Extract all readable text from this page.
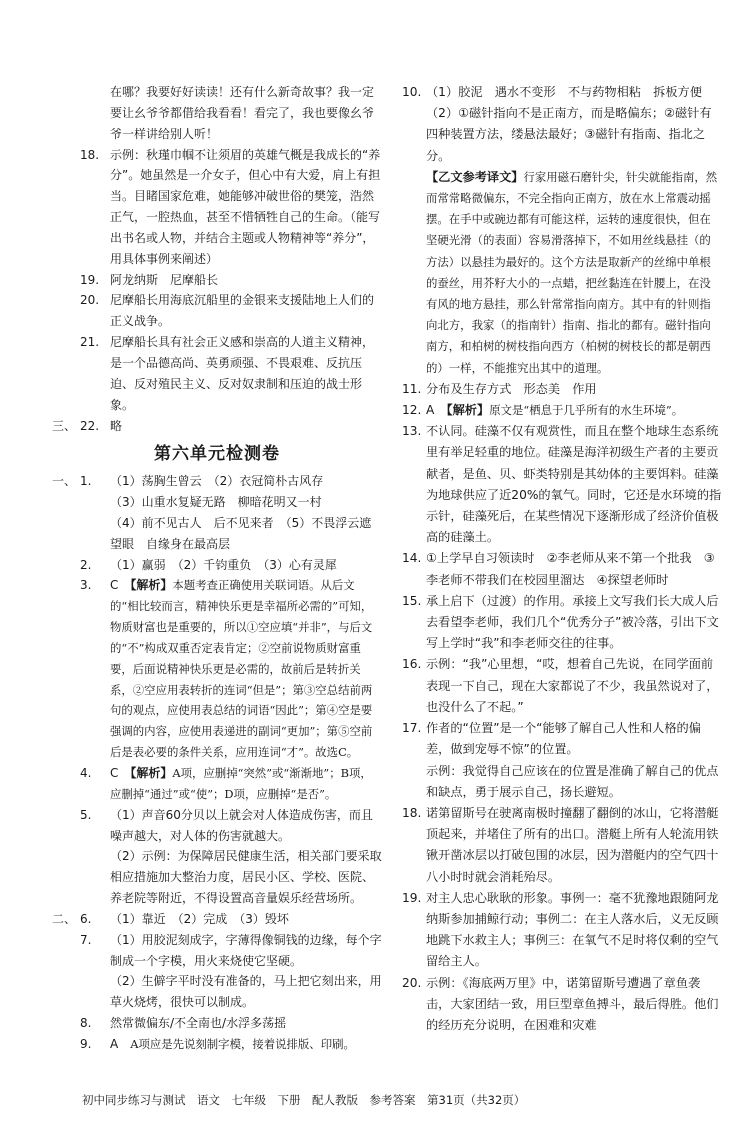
在哪？我要好好读读！还有什么新奇故事？我一定要让幺爷爷都借给我看看！看完了，我也要像幺爷爷一样讲给别人听！

18. 示例：秋瑾巾帼不让须眉的英雄气概是我成长的“养分”。她虽然是一介女子，但心中有大爱，肩上有担当。目睹国家危难，她能够冲破世俗的樊笼，浩然正气，一腔热血，甚至不惜牺牲自己的生命。（能写出书名或人物，并结合主题或人物精神等“养分”，用具体事例来阐述）
19. 阿龙纳斯　尼摩船长
20. 尼摩船长用海底沉船里的金银来支援陆地上人们的正义战争。
21. 尼摩船长具有社会正义感和崇高的人道主义精神，是一个品德高尚、英勇顽强、不畏艰难、反抗压迫、反对殖民主义、反对奴隶制和压迫的战士形象。
三、 22. 略
第六单元检测卷
一、 1. （1）荡胸生曾云　（2）衣冠简朴古风存
（3）山重水复疑无路　柳暗花明又一村
（4）前不见古人　后不见来者　（5）不畏浮云遮望眼　自缘身在最高层
2. （1）赢弱　（2）千钧重负　（3）心有灵犀
3. C　【解析】本题考查正确使用关联词语。从后文的“相比较而言，精神快乐更是幸福所必需的”可知，物质财富也是重要的，所以①空应填“并非”，与后文的“不”构成双重否定表肯定；②空前说物质财富重要，后面说精神快乐更是必需的，故前后是转折关系，②空应用表转折的连词“但是”；第③空总结前两句的观点，应使用表总结的词语“因此”；第④空是要强调的内容，应使用表递进的副词“更加”；第⑤空前后是表必要的条件关系，应用连词“才”。故选C。
4. C　【解析】A项，应删掉“突然”或“渐渐地”；B项，应删掉“通过”或“使”；D项，应删掉“是否”。
5. （1）声音60分贝以上就会对人体造成伤害，而且噪声越大，对人体的伤害就越大。
（2）示例：为保障居民健康生活，相关部门要采取相应措施加大整治力度，居民小区、学校、医院、养老院等附近，不得设置高音量娱乐经营场所。
二、 6. （1）靠近　（2）完成　（3）毁坏
7. （1）用胶泥刻成字，字薄得像铜钱的边缘，每个字制成一个字模，用火来烧使它坚硬。
（2）生僻字平时没有准备的，马上把它刻出来，用草火烧烤，很快可以制成。
8. 然常微偏东/不全南也/水浮多荡摇
9. A　A项应是先说刻制字模，接着说排版、印刷。
10. （1）胶泥　遇水不变形　不与药物相粘　拆板方便
（2）①磁针指向不是正南方，而是略偏东；②磁针有四种装置方法，缕悬法最好；③磁针有指南、指北之分。
【乙文参考译文】行家用磁石磨针尖，针尖就能指南，然而常常略微偏东，不完全指向正南方，放在水上常震动摇摆。在手中或碗边都有可能这样，运转的速度很快，但在坚硬光滑（的表面）容易滑落掉下，不如用丝线悬挂（的方法）以悬挂为最好的。这个方法是取新产的丝绵中单根的蚕丝，用芥籽大小的一点蜡，把丝黏连在针腰上，在没有风的地方悬挂，那么针常常指向南方。其中有的针则指向北方，我家（的指南针）指南、指北的都有。磁针指向南方，和柏树的树枝指向西方（柏树的树枝长的都是朝西的）一样，不能推究出其中的道理。
11. 分布及生存方式　形态美　作用
12. A　【解析】原文是“栖息于几乎所有的水生环境”。
13. 不认同。硅藻不仅有观赏性，而且在整个地球生态系统里有举足轻重的地位。硅藻是海洋初级生产者的主要贡献者，是鱼、贝、虾类特别是其幼体的主要饵料。硅藻为地球供应了近20%的氧气。同时，它还是水环境的指示针，硅藻死后，在某些情况下逐渐形成了经济价值极高的硅藻土。
14. ①上学早自习领读时　②李老师从来不第一个批我　③李老师不带我们在校园里溜达　④探望老师时
15. 承上启下（过渡）的作用。承接上文写我们长大成人后去看望李老师，我们几个“优秀分子”被冷落，引出下文写上学时“我”和李老师交往的往事。
16. 示例：“我”心里想，“哎，想着自己先说，在同学面前表现一下自己，现在大家都说了不少，我虽然说对了，也没什么了不起。”
17. 作者的“位置”是一个“能够了解自己人性和人格的偏差，做到宠辱不惊”的位置。
示例：我觉得自己应该在的位置是准确了解自己的优点和缺点，勇于展示自己，扬长避短。
18. 诺第留斯号在驶离南极时撞翻了翻倒的冰山，它将潜艇顶起来，并堵住了所有的出口。潜艇上所有人轮流用铁锹开凿冰层以打破包围的冰层，因为潜艇内的空气四十八小时时就会消耗殆尽。
19. 对主人忠心耿耿的形象。事例一：毫不犹豫地跟随阿龙纳斯参加捕鲸行动；事例二：在主人落水后，义无反顾地跳下水救主人；事例三：在氧气不足时将仅剩的空气留给主人。
20. 示例：《海底两万里》中，诺第留斯号遭遇了章鱼袭击，大家团结一致，用巨型章鱼搏斗，最后得胜。他们的经历充分说明，在困难和灾难
初中同步练习与测试　语文　七年级　下册　配人教版　参考答案　第31页（共32页）
